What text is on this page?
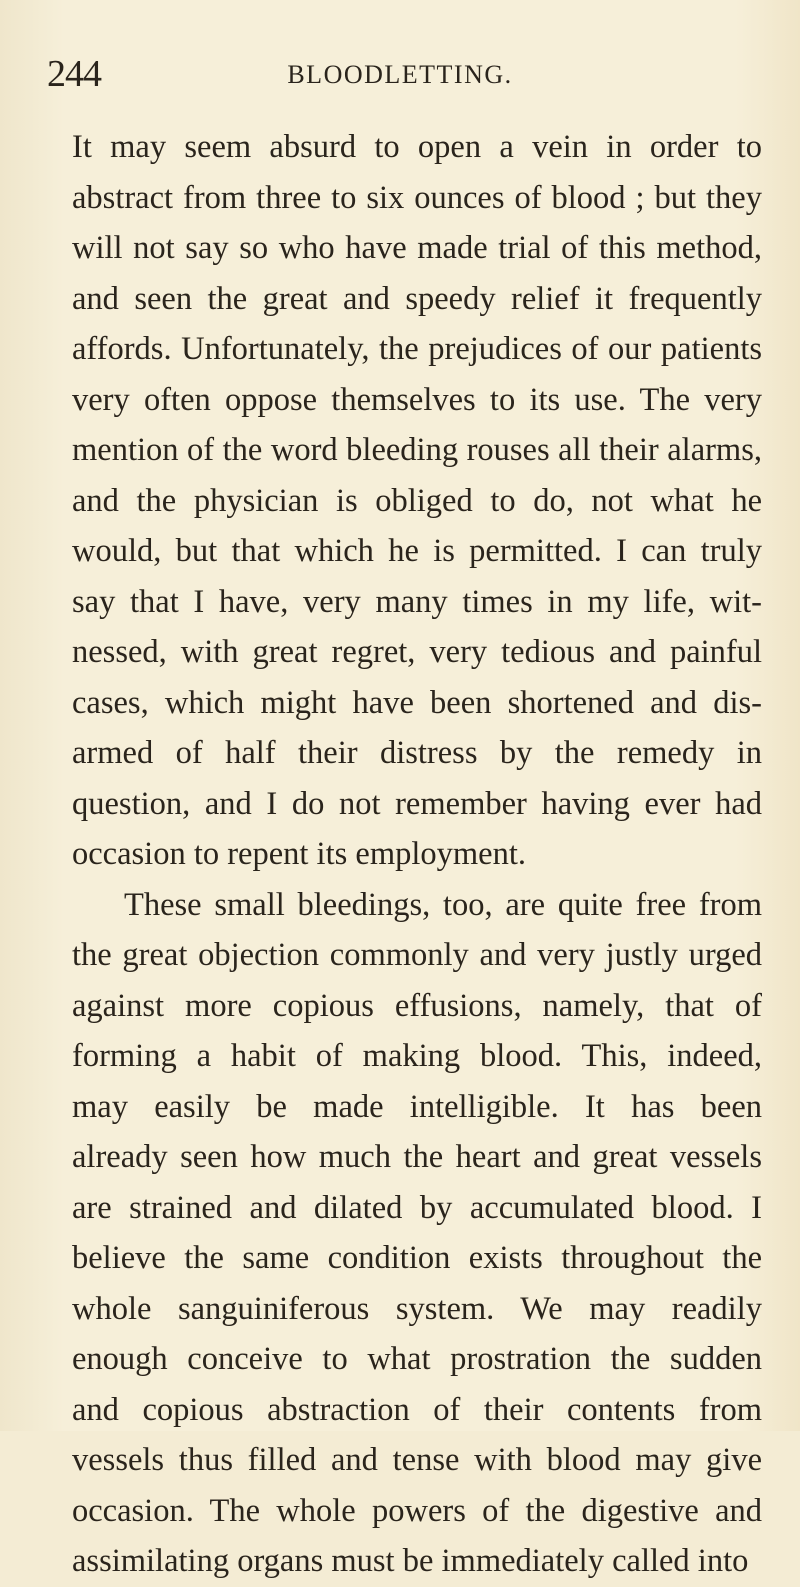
244	BLOODLETTING.
It may seem absurd to open a vein in order to
abstract from three to six ounces of blood ; but they
will not say so who have made trial of this method,
and seen the great and speedy relief it frequently
affords. Unfortunately, the prejudices of our patients
very often oppose themselves to its use. The very
mention of the word bleeding rouses all their alarms,
and the physician is obliged to do, not what he
would, but that which he is permitted. I can truly
say that I have, very many times in my life, wit-
nessed, with great regret, very tedious and painful
cases, which might have been shortened and dis-
armed of half their distress by the remedy in
question, and I do not remember having ever had
occasion to repent its employment.
These small bleedings, too, are quite free from
the great objection commonly and very justly urged
against more copious effusions, namely, that of
forming a habit of making blood. This, indeed,
may easily be made intelligible. It has been
already seen how much the heart and great vessels
are strained and dilated by accumulated blood. I
believe the same condition exists throughout the
whole sanguiniferous system. We may readily
enough conceive to what prostration the sudden
and copious abstraction of their contents from
vessels thus filled and tense with blood may give
occasion. The whole powers of the digestive and
assimilating organs must be immediately called into
